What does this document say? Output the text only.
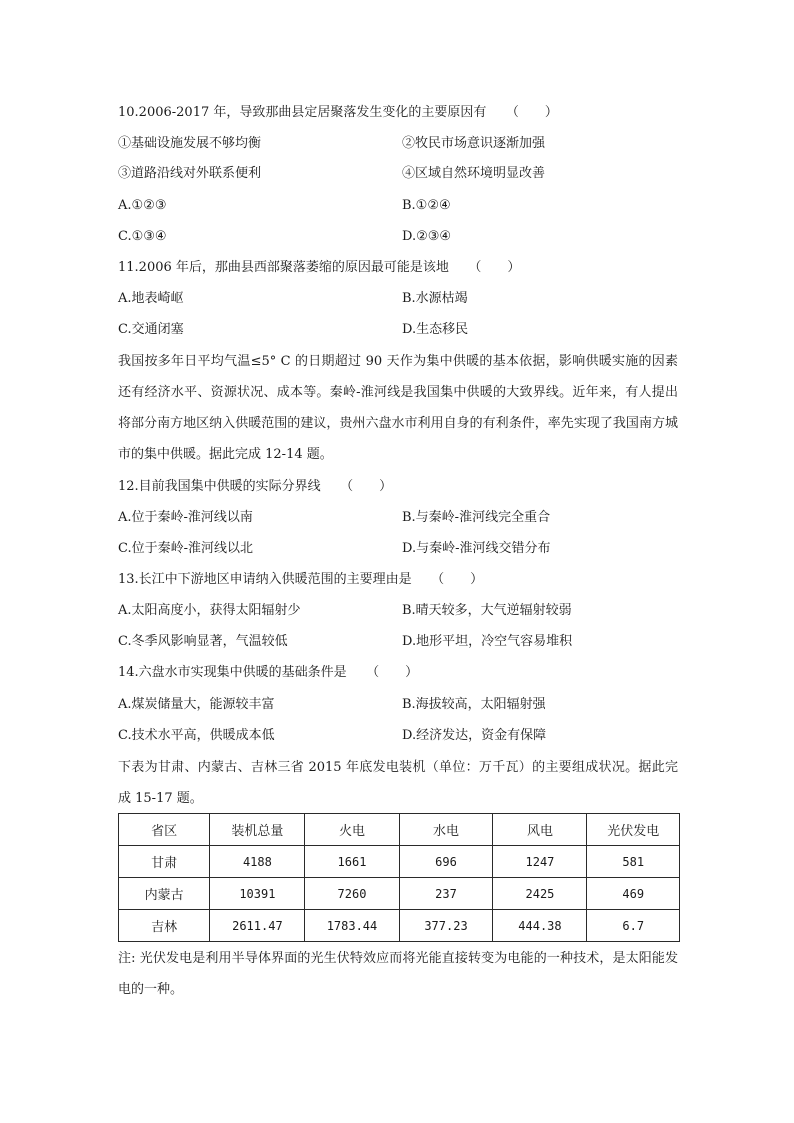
10.2006-2017 年，导致那曲县定居聚落发生变化的主要原因有　　（　　）
①基础设施发展不够均衡	②牧民市场意识逐渐加强
③道路沿线对外联系便利	④区域自然环境明显改善
A.①②③	B.①②④
C.①③④	D.②③④
11.2006 年后，那曲县西部聚落萎缩的原因最可能是该地　　（　　）
A.地表崎岖	B.水源枯竭
C.交通闭塞	D.生态移民
我国按多年日平均气温≤5° C 的日期超过 90 天作为集中供暖的基本依据，影响供暖实施的因素还有经济水平、资源状况、成本等。秦岭-淮河线是我国集中供暖的大致界线。近年来，有人提出将部分南方地区纳入供暖范围的建议，贵州六盘水市利用自身的有利条件，率先实现了我国南方城市的集中供暖。据此完成 12-14 题。
12.目前我国集中供暖的实际分界线　　（　　）
A.位于秦岭-淮河线以南	B.与秦岭-淮河线完全重合
C.位于秦岭-淮河线以北	D.与秦岭-淮河线交错分布
13.长江中下游地区申请纳入供暖范围的主要理由是　　（　　）
A.太阳高度小，获得太阳辐射少	B.晴天较多，大气逆辐射较弱
C.冬季风影响显著，气温较低	D.地形平坦，冷空气容易堆积
14.六盘水市实现集中供暖的基础条件是　　（　　）
A.煤炭储量大，能源较丰富	B.海拔较高，太阳辐射强
C.技术水平高，供暖成本低	D.经济发达，资金有保障
下表为甘肃、内蒙古、吉林三省 2015 年底发电装机（单位：万千瓦）的主要组成状况。据此完成 15-17 题。
省区	装机总量	火电	水电	风电	光伏发电
甘肃	4188	1661	696	1247	581
内蒙古	10391	7260	237	2425	469
吉林	2611.47	1783.44	377.23	444.38	6.7
注: 光伏发电是利用半导体界面的光生伏特效应而将光能直接转变为电能的一种技术，是太阳能发电的一种。
